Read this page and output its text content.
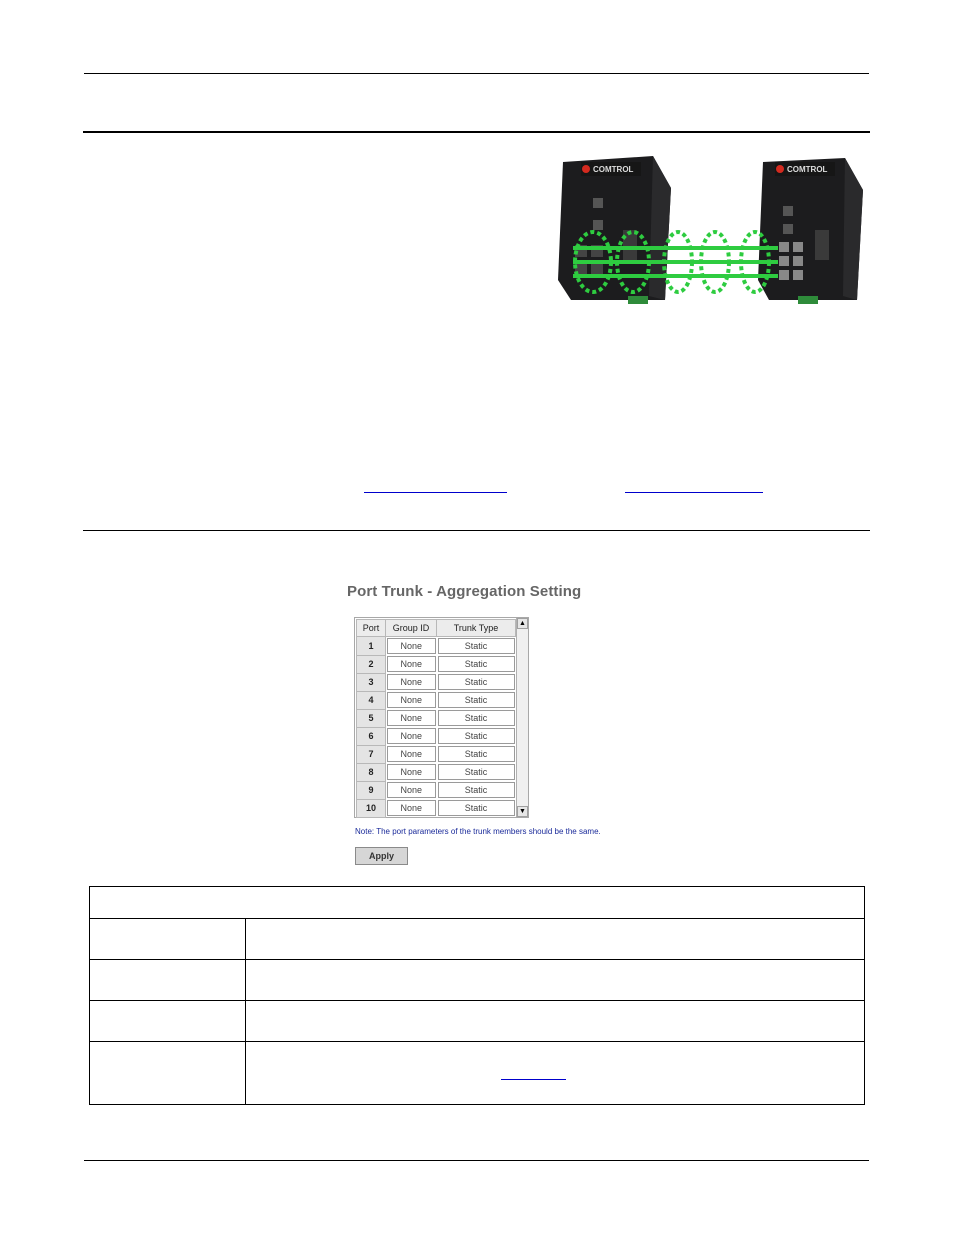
COMTROL	COMTROL
Port Trunk - Aggregation Setting
Port	Group ID	Trunk Type
1	None	Static

2	None	Static

3	None	Static

4	None	Static

5	None	Static

6	None	Static

7	None	Static

8	None	Static

9	None	Static

10	None	Static
▲
▼
Note: The port parameters of the trunk members should be the same.
Apply
